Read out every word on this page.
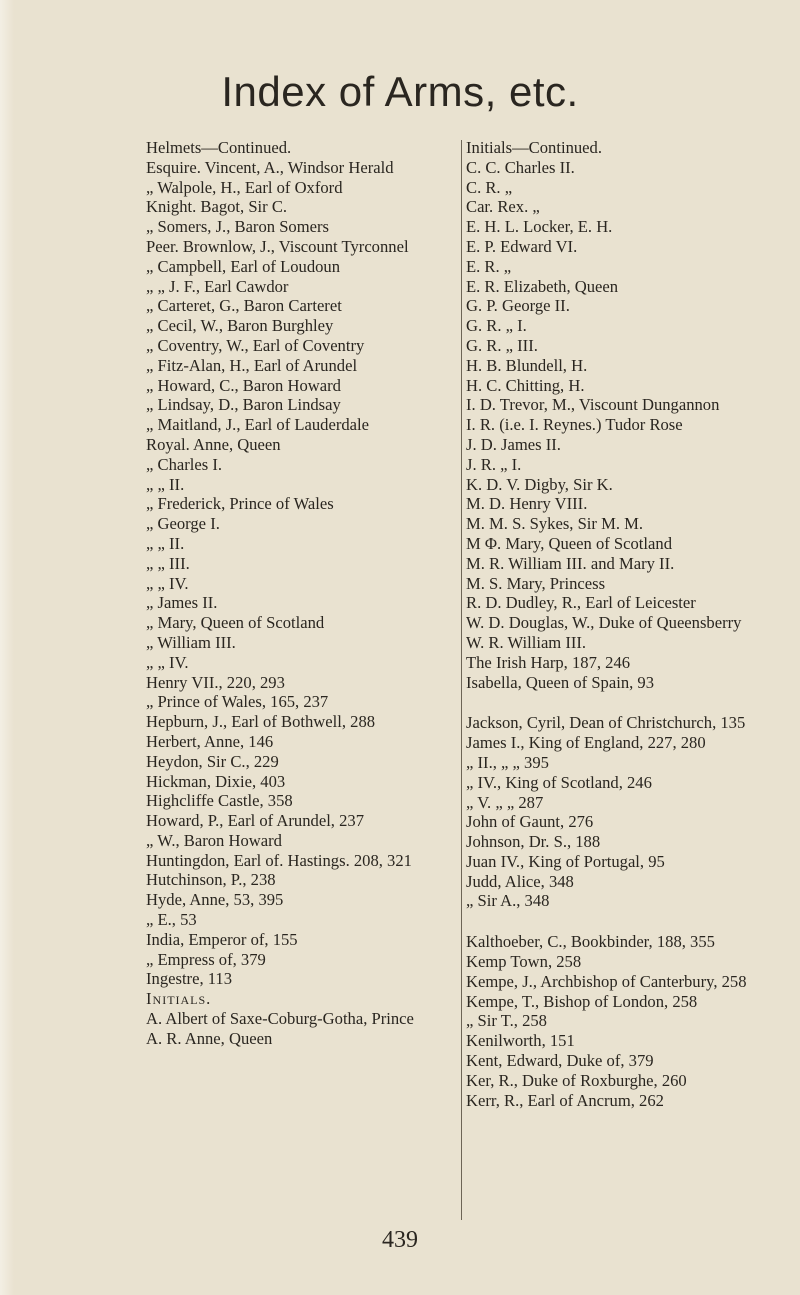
Index of Arms, etc.
Helmets—Continued.
Esquire. Vincent, A., Windsor Herald
„ Walpole, H., Earl of Oxford
Knight. Bagot, Sir C.
„ Somers, J., Baron Somers
Peer. Brownlow, J., Viscount Tyrconnel
„ Campbell, Earl of Loudoun
„ „ J. F., Earl Cawdor
„ Carteret, G., Baron Carteret
„ Cecil, W., Baron Burghley
„ Coventry, W., Earl of Coventry
„ Fitz-Alan, H., Earl of Arundel
„ Howard, C., Baron Howard
„ Lindsay, D., Baron Lindsay
„ Maitland, J., Earl of Lauderdale
Royal. Anne, Queen
„ Charles I.
„ „ II.
„ Frederick, Prince of Wales
„ George I.
„ „ II.
„ „ III.
„ „ IV.
„ James II.
„ Mary, Queen of Scotland
„ William III.
„ „ IV.
Henry VII., 220, 293
„ Prince of Wales, 165, 237
Hepburn, J., Earl of Bothwell, 288
Herbert, Anne, 146
Heydon, Sir C., 229
Hickman, Dixie, 403
Highcliffe Castle, 358
Howard, P., Earl of Arundel, 237
„ W., Baron Howard
Huntingdon, Earl of. Hastings. 208, 321
Hutchinson, P., 238
Hyde, Anne, 53, 395
„ E., 53
India, Emperor of, 155
„ Empress of, 379
Ingestre, 113
Initials.
A. Albert of Saxe-Coburg-Gotha, Prince
A. R. Anne, Queen
Initials—Continued.
C. C. Charles II.
C. R. „
Car. Rex. „
E. H. L. Locker, E. H.
E. P. Edward VI.
E. R. „
E. R. Elizabeth, Queen
G. P. George II.
G. R. „ I.
G. R. „ III.
H. B. Blundell, H.
H. C. Chitting, H.
I. D. Trevor, M., Viscount Dungannon
I. R. (i.e. I. Reynes.) Tudor Rose
J. D. James II.
J. R. „ I.
K. D. V. Digby, Sir K.
M. D. Henry VIII.
M. M. S. Sykes, Sir M. M.
M Φ. Mary, Queen of Scotland
M. R. William III. and Mary II.
M. S. Mary, Princess
R. D. Dudley, R., Earl of Leicester
W. D. Douglas, W., Duke of Queensberry
W. R. William III.
The Irish Harp, 187, 246
Isabella, Queen of Spain, 93
Jackson, Cyril, Dean of Christchurch, 135
James I., King of England, 227, 280
„ II., „ „ 395
„ IV., King of Scotland, 246
„ V. „ „ 287
John of Gaunt, 276
Johnson, Dr. S., 188
Juan IV., King of Portugal, 95
Judd, Alice, 348
„ Sir A., 348
Kalthoeber, C., Bookbinder, 188, 355
Kemp Town, 258
Kempe, J., Archbishop of Canterbury, 258
Kempe, T., Bishop of London, 258
„ Sir T., 258
Kenilworth, 151
Kent, Edward, Duke of, 379
Ker, R., Duke of Roxburghe, 260
Kerr, R., Earl of Ancrum, 262
439
